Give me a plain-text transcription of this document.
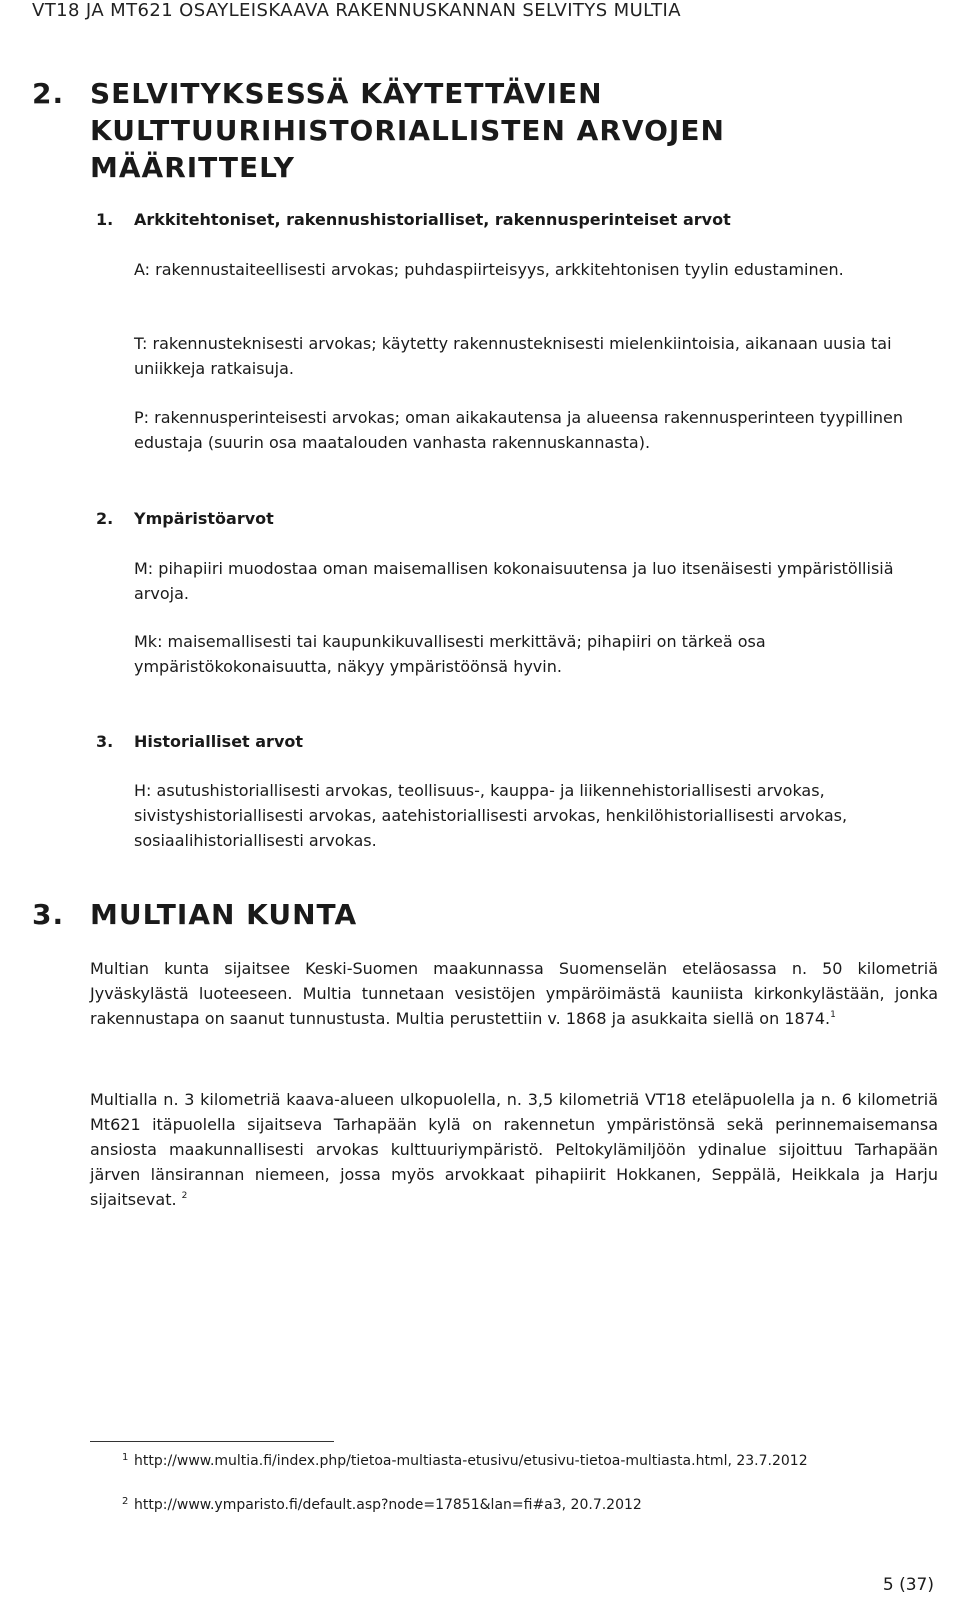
VT18 JA MT621 OSAYLEISKAAVA RAKENNUSKANNAN SELVITYS MULTIA
2. SELVITYKSESSÄ KÄYTETTÄVIEN
KULTTUURIHISTORIALLISTEN ARVOJEN
MÄÄRITTELY
1. Arkkitehtoniset, rakennushistorialliset, rakennusperinteiset arvot
A: rakennustaiteellisesti arvokas; puhdaspiirteisyys, arkkitehtonisen tyylin edustaminen.
T: rakennusteknisesti arvokas; käytetty rakennusteknisesti mielenkiintoisia, aikanaan uusia tai uniikkeja ratkaisuja.
P: rakennusperinteisesti arvokas; oman aikakautensa ja alueensa rakennusperinteen tyypillinen edustaja (suurin osa maatalouden vanhasta rakennuskannasta).
2. Ympäristöarvot
M: pihapiiri muodostaa oman maisemallisen kokonaisuutensa ja luo itsenäisesti ympäristöllisiä arvoja.
Mk: maisemallisesti tai kaupunkikuvallisesti merkittävä; pihapiiri on tärkeä osa ympäristökokonaisuutta, näkyy ympäristöönsä hyvin.
3. Historialliset arvot
H: asutushistoriallisesti arvokas, teollisuus-, kauppa- ja liikennehistoriallisesti arvokas, sivistyshistoriallisesti arvokas, aatehistoriallisesti arvokas, henkilöhistoriallisesti arvokas, sosiaalihistoriallisesti arvokas.
3. MULTIAN KUNTA
Multian kunta sijaitsee Keski-Suomen maakunnassa Suomenselän eteläosassa n. 50 kilometriä Jyväskylästä luoteeseen. Multia tunnetaan vesistöjen ympäröimästä kauniista kirkonkylästään, jonka rakennustapa on saanut tunnustusta. Multia perustettiin v. 1868 ja asukkaita siellä on 1874.$^1$
Multialla n. 3 kilometriä kaava-alueen ulkopuolella, n. 3,5 kilometriä VT18 eteläpuolella ja n. 6 kilometriä Mt621 itäpuolella sijaitseva Tarhapään kylä on rakennetun ympäristönsä sekä perinnemaisemansa ansiosta maakunnallisesti arvokas kulttuuriympäristö. Peltokylämiljöön ydinalue sijoittuu Tarhapään järven länsirannan niemeen, jossa myös arvokkaat pihapiirit Hokkanen, Seppälä, Heikkala ja Harju sijaitsevat. $^2$
1 http://www.multia.fi/index.php/tietoa-multiasta-etusivu/etusivu-tietoa-multiasta.html, 23.7.2012
2 http://www.ymparisto.fi/default.asp?node=17851&lan=fi#a3, 20.7.2012
5 (37)
